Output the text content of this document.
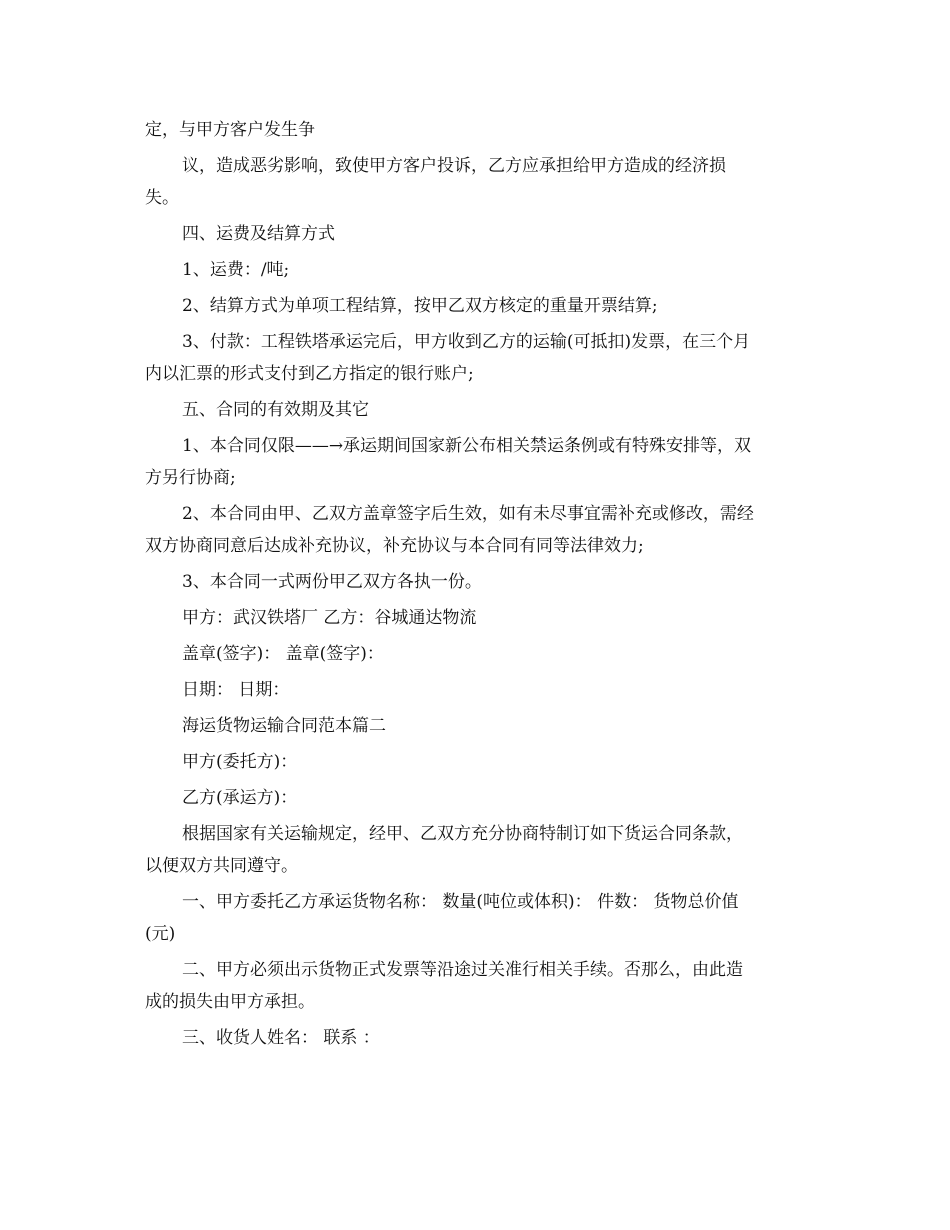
定，与甲方客户发生争
议，造成恶劣影响，致使甲方客户投诉，乙方应承担给甲方造成的经济损
失。
四、运费及结算方式
1、运费：/吨;
2、结算方式为单项工程结算，按甲乙双方核定的重量开票结算;
3、付款：工程铁塔承运完后，甲方收到乙方的运输(可抵扣)发票，在三个月
内以汇票的形式支付到乙方指定的银行账户;
五、合同的有效期及其它
1、本合同仅限——→承运期间国家新公布相关禁运条例或有特殊安排等，双
方另行协商;
2、本合同由甲、乙双方盖章签字后生效，如有未尽事宜需补充或修改，需经
双方协商同意后达成补充协议，补充协议与本合同有同等法律效力;
3、本合同一式两份甲乙双方各执一份。
甲方：武汉铁塔厂 乙方：谷城通达物流
盖章(签字)： 盖章(签字)：
日期： 日期：
海运货物运输合同范本篇二
甲方(委托方)：
乙方(承运方)：
根据国家有关运输规定，经甲、乙双方充分协商特制订如下货运合同条款，
以便双方共同遵守。
一、甲方委托乙方承运货物名称： 数量(吨位或体积)： 件数： 货物总价值
(元)
二、甲方必须出示货物正式发票等沿途过关准行相关手续。否那么，由此造
成的损失由甲方承担。
三、收货人姓名： 联系 ：
